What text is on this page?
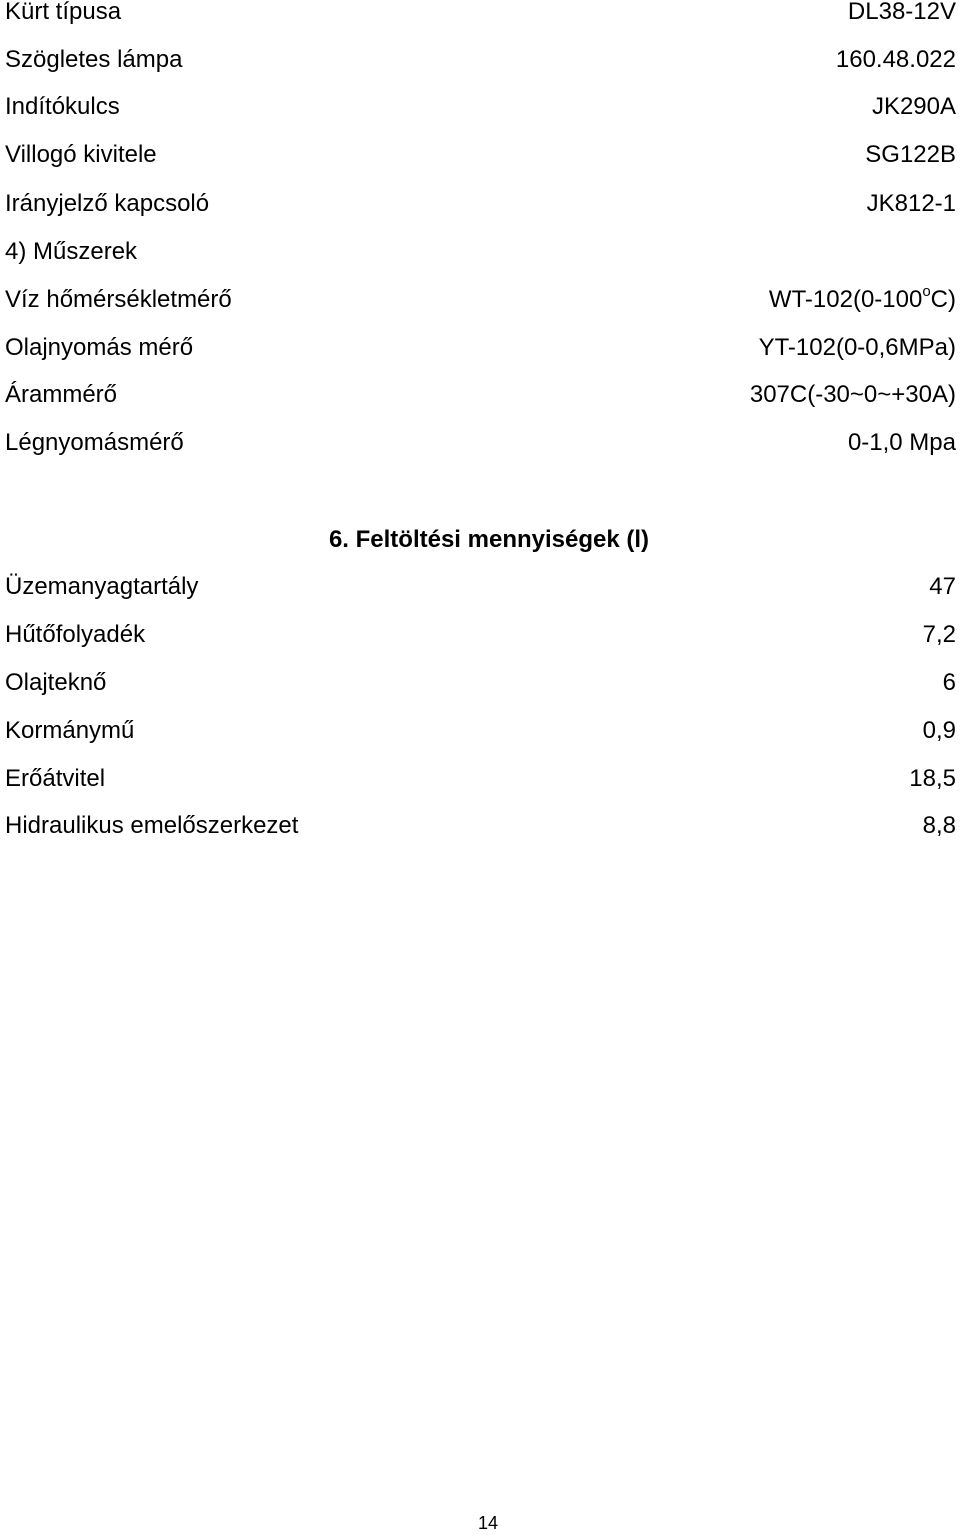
Kürt típusa	DL38-12V
Szögletes lámpa	160.48.022
Indítókulcs	JK290A
Villogó kivitele	SG122B
Irányjelző kapcsoló	JK812-1
4) Műszerek
Víz hőmérsékletmérő	WT-102(0-100$^o$C)
Olajnyomás mérő	YT-102(0-0,6MPa)
Árammérő	307C(-30~0~+30A)
Légnyomásmérő	0-1,0 Mpa
6. Feltöltési mennyiségek (l)
Üzemanyagtartály	47
Hűtőfolyadék	7,2
Olajteknő	6
Kormánymű	0,9
Erőátvitel	18,5
Hidraulikus emelőszerkezet	8,8
14
